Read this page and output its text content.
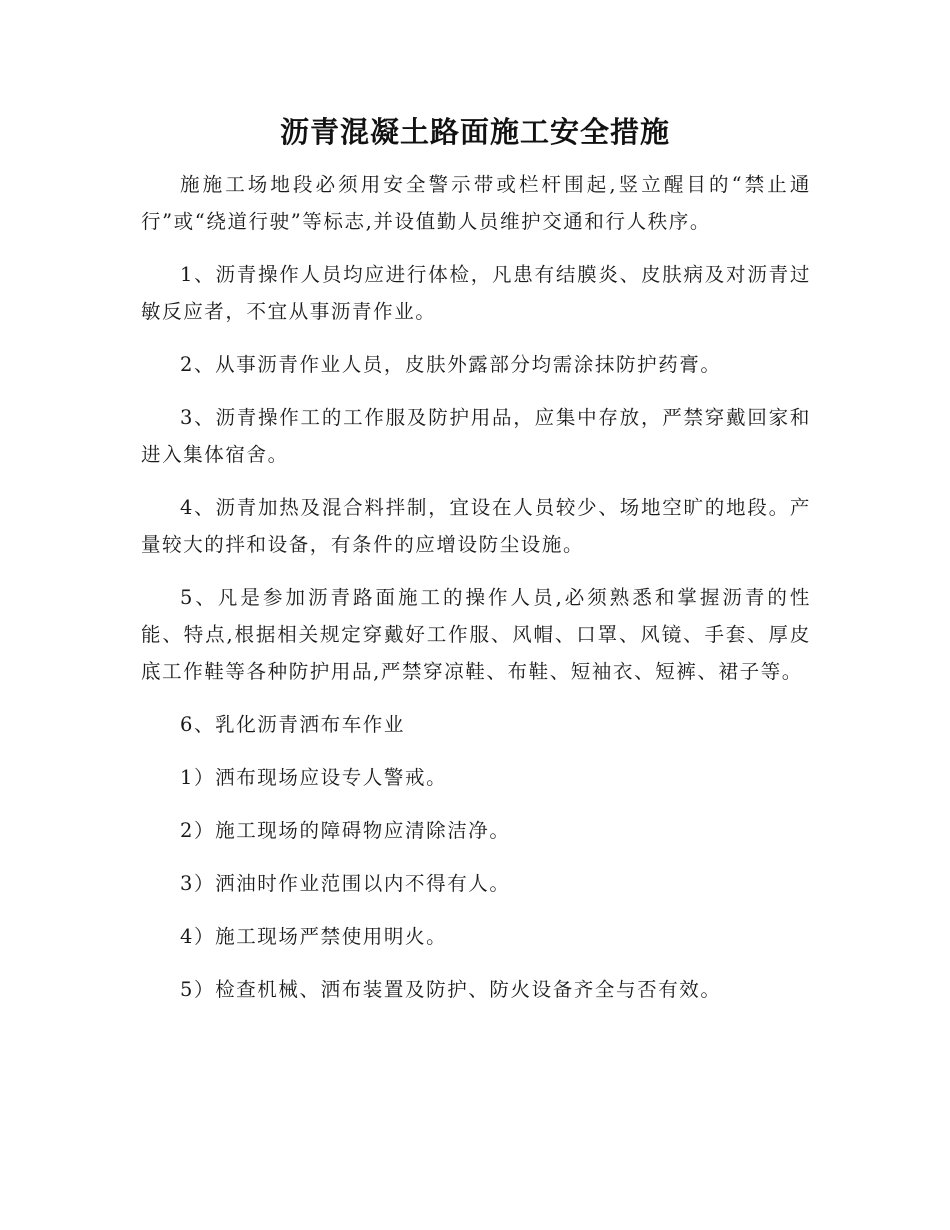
沥青混凝土路面施工安全措施

施施工场地段必须用安全警示带或栏杆围起,竖立醒目的“禁止通行”或“绕道行驶”等标志,并设值勤人员维护交通和行人秩序。

1、沥青操作人员均应进行体检，凡患有结膜炎、皮肤病及对沥青过敏反应者，不宜从事沥青作业。

2、从事沥青作业人员，皮肤外露部分均需涂抹防护药膏。

3、沥青操作工的工作服及防护用品，应集中存放，严禁穿戴回家和进入集体宿舍。

4、沥青加热及混合料拌制，宜设在人员较少、场地空旷的地段。产量较大的拌和设备，有条件的应增设防尘设施。

5、凡是参加沥青路面施工的操作人员,必须熟悉和掌握沥青的性能、特点,根据相关规定穿戴好工作服、风帽、口罩、风镜、手套、厚皮底工作鞋等各种防护用品,严禁穿凉鞋、布鞋、短袖衣、短裤、裙子等。

6、乳化沥青洒布车作业

1）洒布现场应设专人警戒。

2）施工现场的障碍物应清除洁净。

3）洒油时作业范围以内不得有人。

4）施工现场严禁使用明火。

5）检查机械、洒布装置及防护、防火设备齐全与否有效。
